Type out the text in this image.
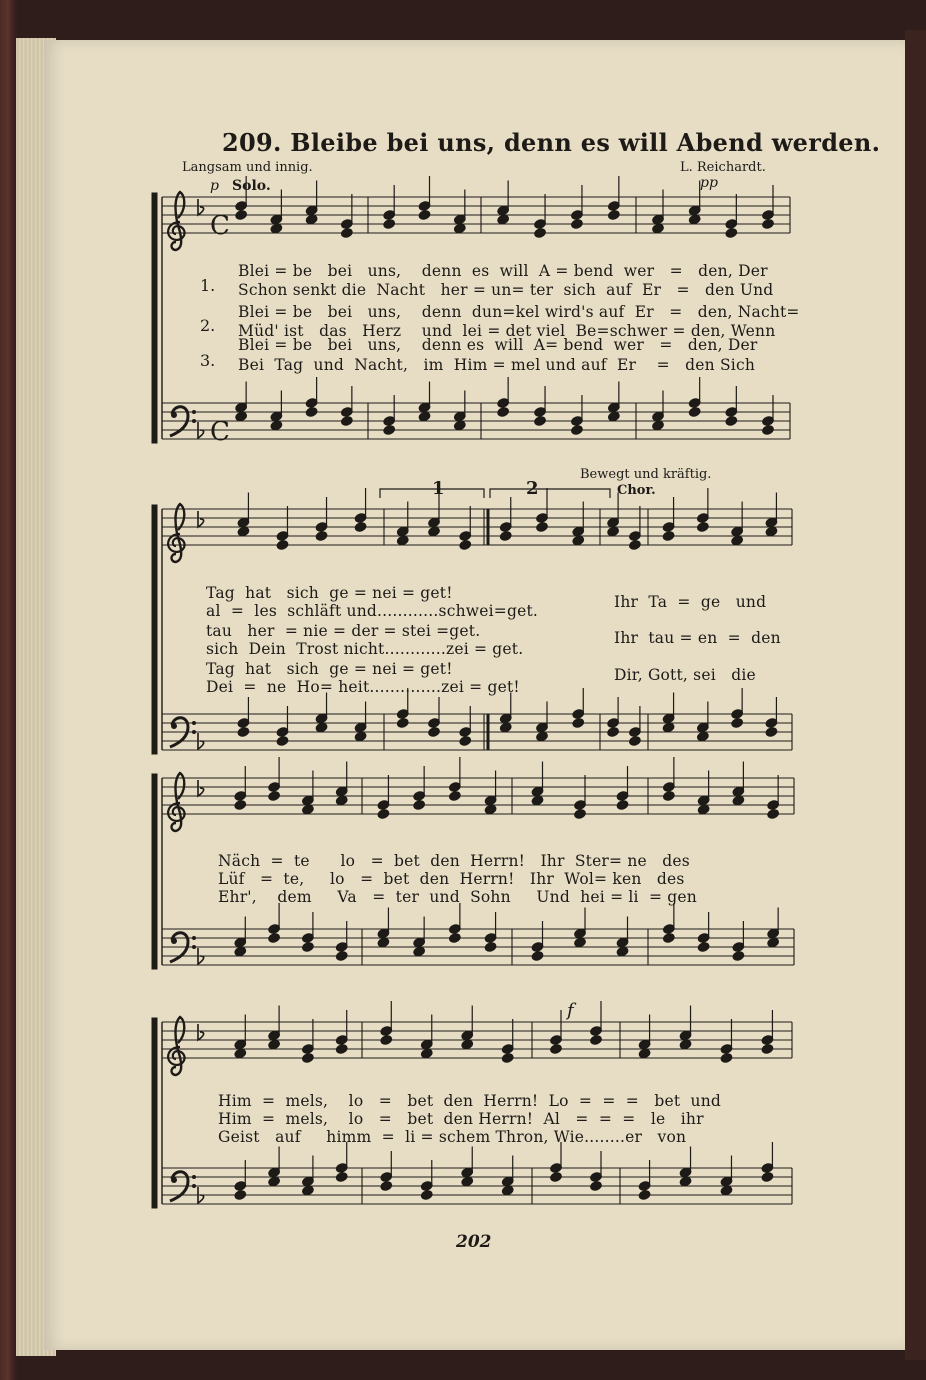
C
C
209. Bleibe bei uns, denn es will Abend werden.
Langsam und innig.	L. Reichardt.
p Solo.	pp
Bewegt und kräftig.
Chor.
f
1	2
1.
2.
3.
Blei = be   bei   uns,    denn  es  will  A = bend  wer   =   den, Der
Schon senkt die  Nacht   her = un= ter  sich  auf  Er   =   den Und
Blei = be   bei   uns,    denn  dun=kel wird's auf  Er   =   den, Nacht=
Müd' ist   das   Herz    und  lei = det viel  Be=schwer = den, Wenn
Blei = be   bei   uns,    denn es  will  A= bend  wer   =   den, Der
Bei  Tag  und  Nacht,   im  Him = mel und auf  Er    =   den Sich
Tag  hat   sich  ge = nei = get!
al  =  les  schläft und............schwei=get.
tau   her  = nie = der = stei =get.
sich  Dein  Trost nicht............zei = get.
Tag  hat   sich  ge = nei = get!
Dei  =  ne  Ho= heit..............zei = get!
Ihr  Ta  =  ge   und
Ihr  tau = en  =  den
Dir, Gott, sei   die
Näch  =  te      lo   =  bet  den  Herrn!   Ihr  Ster= ne   des
Lüf   =  te,     lo   =  bet  den  Herrn!   Ihr  Wol= ken   des
Ehr',    dem     Va   =  ter  und  Sohn     Und  hei = li  = gen
Him  =  mels,    lo   =   bet  den  Herrn!  Lo  =  =  =   bet  und
Him  =  mels,    lo   =   bet  den Herrn!  Al   =  =  =   le   ihr
Geist   auf     himm  =  li = schem Thron, Wie........er   von
202
